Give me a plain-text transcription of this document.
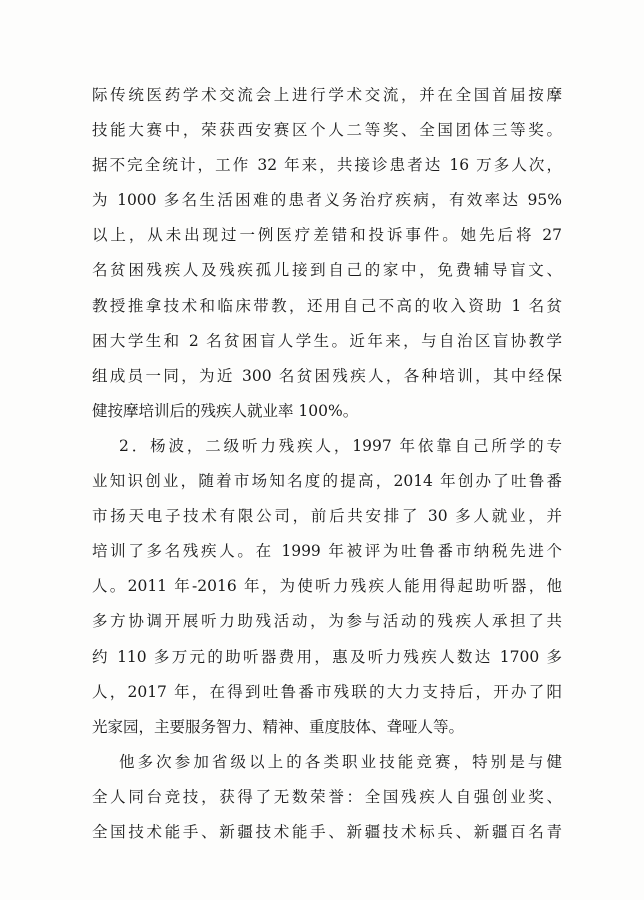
际传统医药学术交流会上进行学术交流，并在全国首届按摩
技能大赛中，荣获西安赛区个人二等奖、全国团体三等奖。
据不完全统计，工作 32 年来，共接诊患者达 16 万多人次，
为 1000 多名生活困难的患者义务治疗疾病，有效率达 95%
以上，从未出现过一例医疗差错和投诉事件。她先后将 27
名贫困残疾人及残疾孤儿接到自己的家中，免费辅导盲文、
教授推拿技术和临床带教，还用自己不高的收入资助 1 名贫
困大学生和 2 名贫困盲人学生。近年来，与自治区盲协教学
组成员一同，为近 300 名贫困残疾人，各种培训，其中经保
健按摩培训后的残疾人就业率 100%。
2．杨波，二级听力残疾人，1997 年依靠自己所学的专
业知识创业，随着市场知名度的提高，2014 年创办了吐鲁番
市扬天电子技术有限公司，前后共安排了 30 多人就业，并
培训了多名残疾人。在 1999 年被评为吐鲁番市纳税先进个
人。2011 年-2016 年，为使听力残疾人能用得起助听器，他
多方协调开展听力助残活动，为参与活动的残疾人承担了共
约 110 多万元的助听器费用，惠及听力残疾人数达 1700 多
人，2017 年，在得到吐鲁番市残联的大力支持后，开办了阳
光家园，主要服务智力、精神、重度肢体、聋哑人等。
他多次参加省级以上的各类职业技能竞赛，特别是与健
全人同台竞技，获得了无数荣誉：全国残疾人自强创业奖、
全国技术能手、新疆技术能手、新疆技术标兵、新疆百名青
